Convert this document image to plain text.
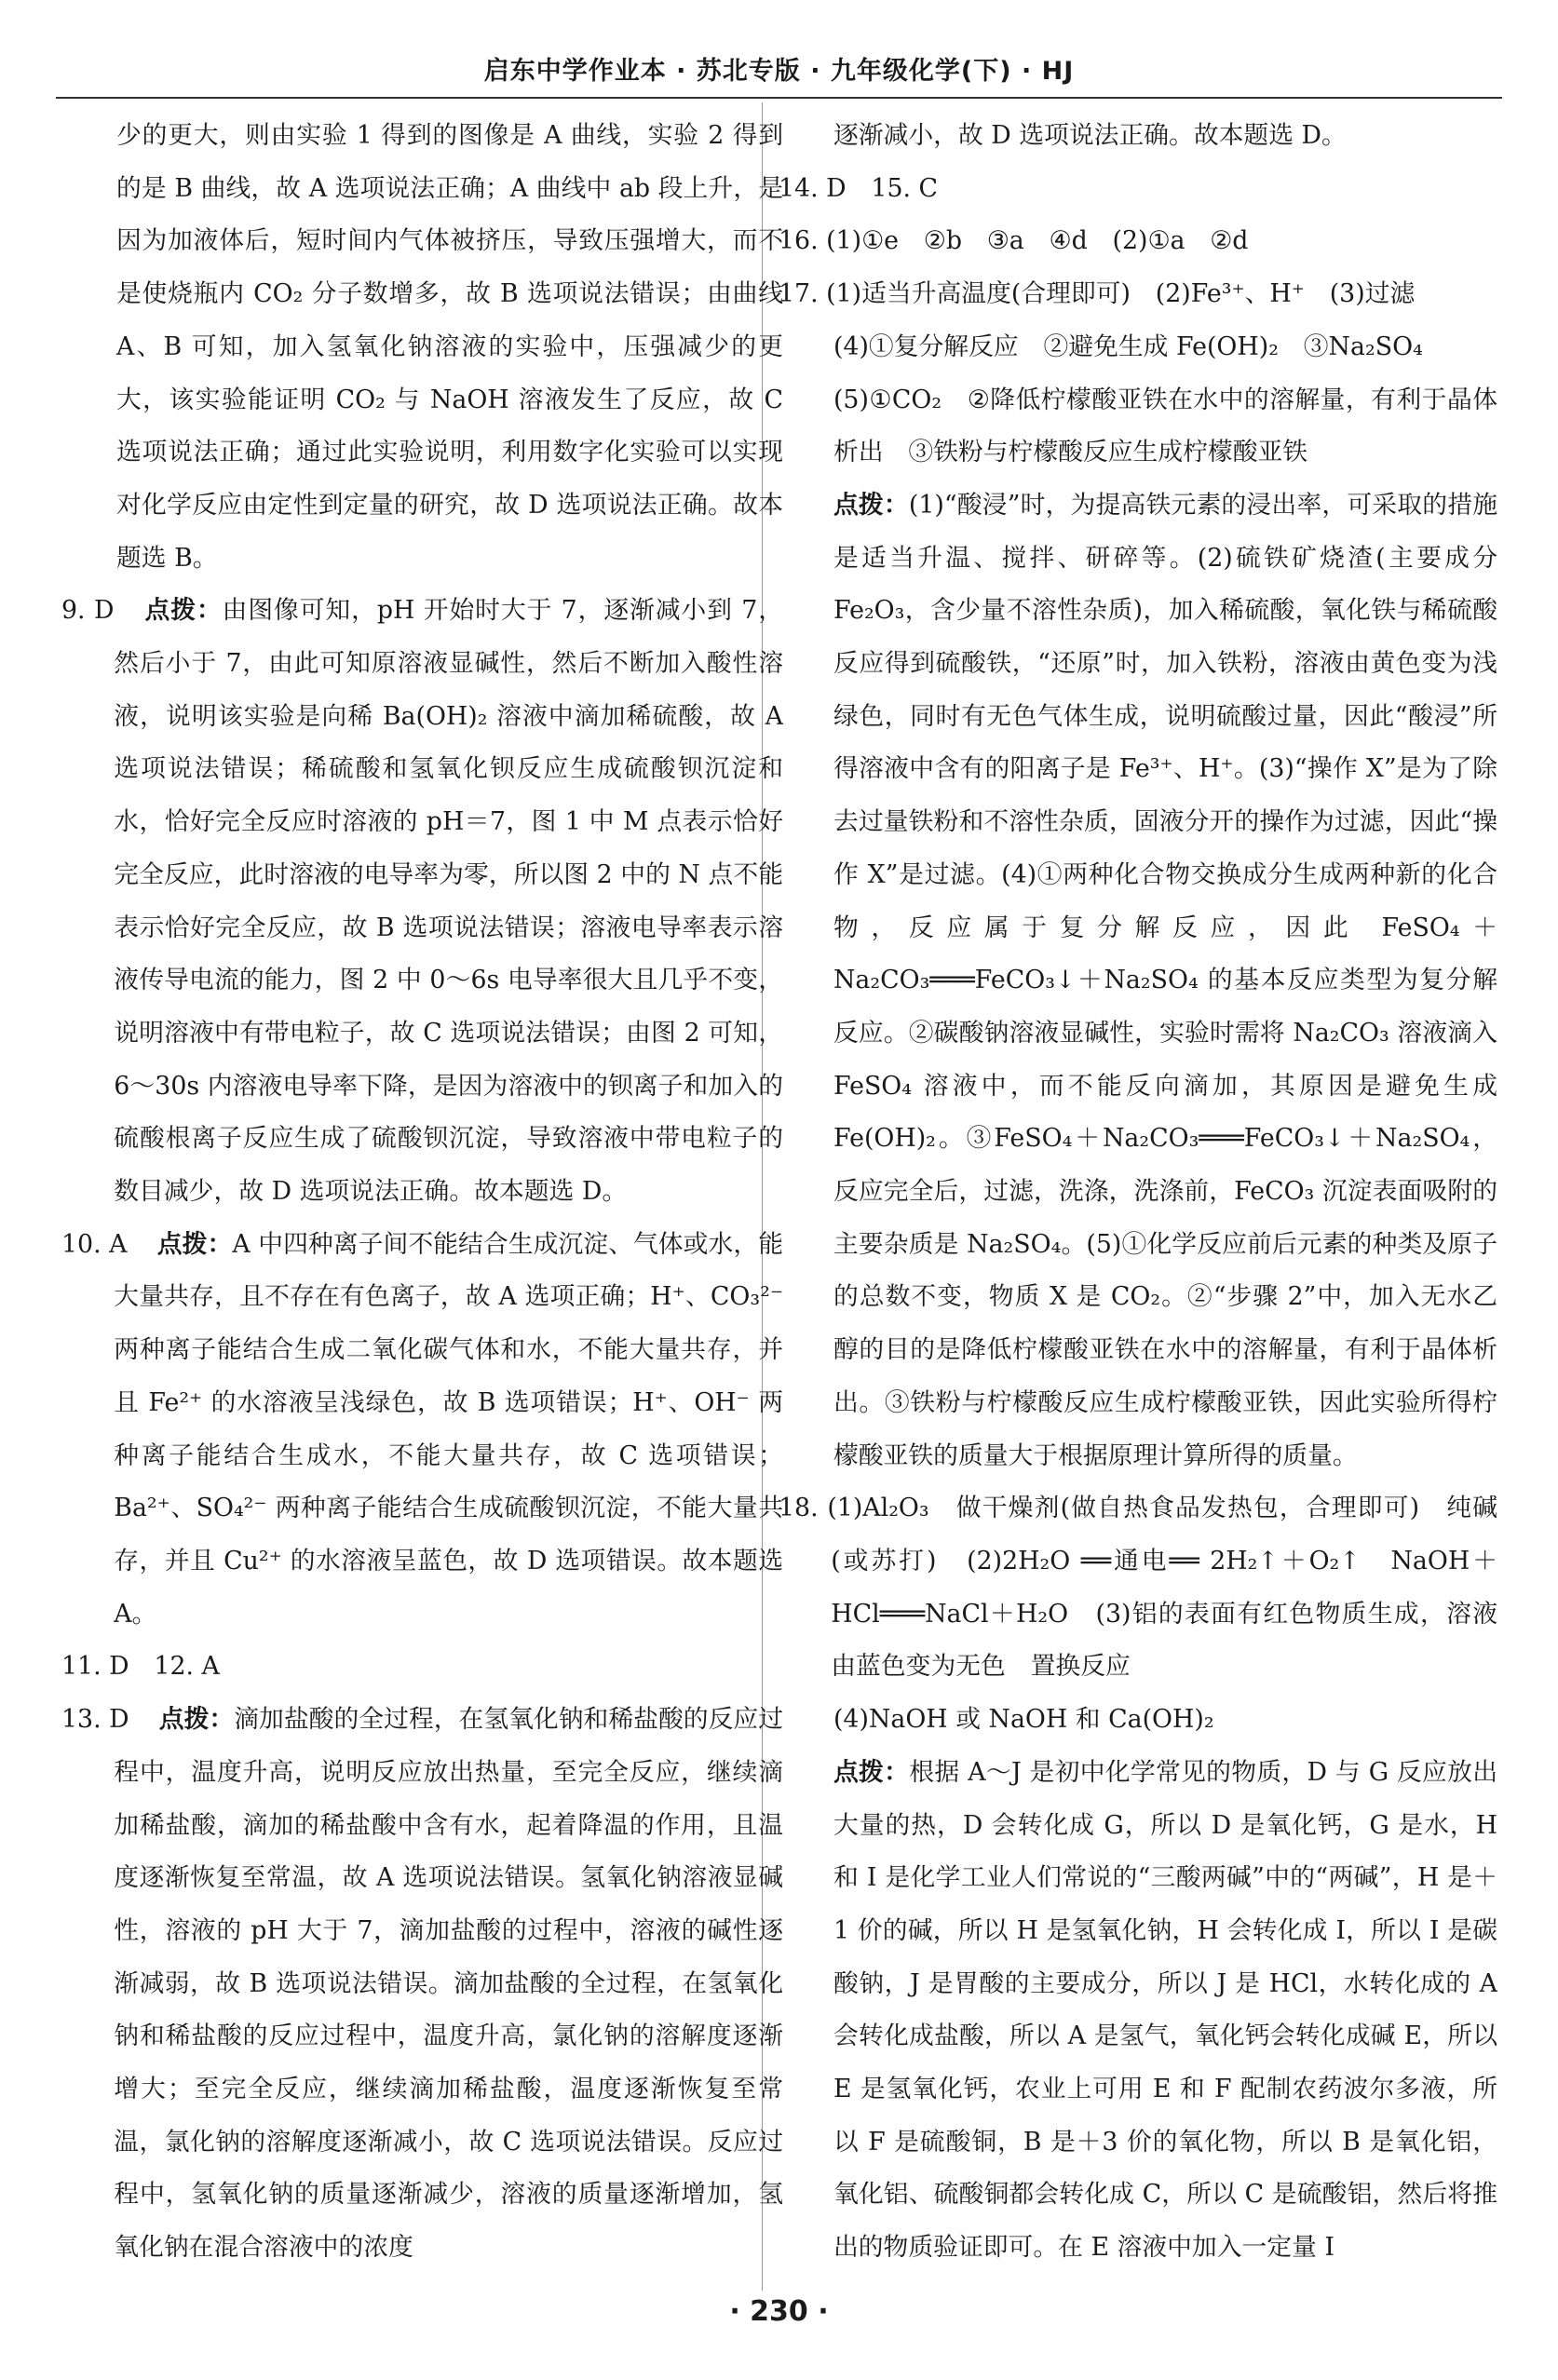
启东中学作业本 · 苏北专版 · 九年级化学(下) · HJ
少的更大，则由实验 1 得到的图像是 A 曲线，实验 2 得到的是 B 曲线，故 A 选项说法正确；A 曲线中 ab 段上升，是因为加液体后，短时间内气体被挤压，导致压强增大，而不是使烧瓶内 CO₂ 分子数增多，故 B 选项说法错误；由曲线 A、B 可知，加入氢氧化钠溶液的实验中，压强减少的更大，该实验能证明 CO₂ 与 NaOH 溶液发生了反应，故 C 选项说法正确；通过此实验说明，利用数字化实验可以实现对化学反应由定性到定量的研究，故 D 选项说法正确。故本题选 B。
9. D 点拨：由图像可知，pH 开始时大于 7，逐渐减小到 7，然后小于 7，由此可知原溶液显碱性，然后不断加入酸性溶液，说明该实验是向稀 Ba(OH)₂ 溶液中滴加稀硫酸，故 A 选项说法错误；稀硫酸和氢氧化钡反应生成硫酸钡沉淀和水，恰好完全反应时溶液的 pH＝7，图 1 中 M 点表示恰好完全反应，此时溶液的电导率为零，所以图 2 中的 N 点不能表示恰好完全反应，故 B 选项说法错误；溶液电导率表示溶液传导电流的能力，图 2 中 0～6s 电导率很大且几乎不变，说明溶液中有带电粒子，故 C 选项说法错误；由图 2 可知，6～30s 内溶液电导率下降，是因为溶液中的钡离子和加入的硫酸根离子反应生成了硫酸钡沉淀，导致溶液中带电粒子的数目减少，故 D 选项说法正确。故本题选 D。
10. A 点拨：A 中四种离子间不能结合生成沉淀、气体或水，能大量共存，且不存在有色离子，故 A 选项正确；H⁺、CO₃²⁻ 两种离子能结合生成二氧化碳气体和水，不能大量共存，并且 Fe²⁺ 的水溶液呈浅绿色，故 B 选项错误；H⁺、OH⁻ 两种离子能结合生成水，不能大量共存，故 C 选项错误；Ba²⁺、SO₄²⁻ 两种离子能结合生成硫酸钡沉淀，不能大量共存，并且 Cu²⁺ 的水溶液呈蓝色，故 D 选项错误。故本题选 A。
11. D　12. A
13. D 点拨：滴加盐酸的全过程，在氢氧化钠和稀盐酸的反应过程中，温度升高，说明反应放出热量，至完全反应，继续滴加稀盐酸，滴加的稀盐酸中含有水，起着降温的作用，且温度逐渐恢复至常温，故 A 选项说法错误。氢氧化钠溶液显碱性，溶液的 pH 大于 7，滴加盐酸的过程中，溶液的碱性逐渐减弱，故 B 选项说法错误。滴加盐酸的全过程，在氢氧化钠和稀盐酸的反应过程中，温度升高，氯化钠的溶解度逐渐增大；至完全反应，继续滴加稀盐酸，温度逐渐恢复至常温，氯化钠的溶解度逐渐减小，故 C 选项说法错误。反应过程中，氢氧化钠的质量逐渐减少，溶液的质量逐渐增加，氢氧化钠在混合溶液中的浓度
逐渐减小，故 D 选项说法正确。故本题选 D。
14. D　15. C
16. (1)①e　②b　③a　④d　(2)①a　②d
17. (1)适当升高温度(合理即可)　(2)Fe³⁺、H⁺　(3)过滤
(4)①复分解反应　②避免生成 Fe(OH)₂　③Na₂SO₄
(5)①CO₂　②降低柠檬酸亚铁在水中的溶解量，有利于晶体析出　③铁粉与柠檬酸反应生成柠檬酸亚铁
点拨：(1)“酸浸”时，为提高铁元素的浸出率，可采取的措施是适当升温、搅拌、研碎等。(2)硫铁矿烧渣(主要成分 Fe₂O₃，含少量不溶性杂质)，加入稀硫酸，氧化铁与稀硫酸反应得到硫酸铁，“还原”时，加入铁粉，溶液由黄色变为浅绿色，同时有无色气体生成，说明硫酸过量，因此“酸浸”所得溶液中含有的阳离子是 Fe³⁺、H⁺。(3)“操作 X”是为了除去过量铁粉和不溶性杂质，固液分开的操作为过滤，因此“操作 X”是过滤。(4)①两种化合物交换成分生成两种新的化合物，反应属于复分解反应，因此 FeSO₄＋Na₂CO₃═══FeCO₃↓＋Na₂SO₄ 的基本反应类型为复分解反应。②碳酸钠溶液显碱性，实验时需将 Na₂CO₃ 溶液滴入 FeSO₄ 溶液中，而不能反向滴加，其原因是避免生成 Fe(OH)₂。③FeSO₄＋Na₂CO₃═══FeCO₃↓＋Na₂SO₄，反应完全后，过滤，洗涤，洗涤前，FeCO₃ 沉淀表面吸附的主要杂质是 Na₂SO₄。(5)①化学反应前后元素的种类及原子的总数不变，物质 X 是 CO₂。②“步骤 2”中，加入无水乙醇的目的是降低柠檬酸亚铁在水中的溶解量，有利于晶体析出。③铁粉与柠檬酸反应生成柠檬酸亚铁，因此实验所得柠檬酸亚铁的质量大于根据原理计算所得的质量。
18. (1)Al₂O₃　做干燥剂(做自热食品发热包，合理即可)　纯碱(或苏打)　(2)2H₂O ══通电══ 2H₂↑＋O₂↑　NaOH＋HCl═══NaCl＋H₂O　(3)铝的表面有红色物质生成，溶液由蓝色变为无色　置换反应
(4)NaOH 或 NaOH 和 Ca(OH)₂
点拨：根据 A～J 是初中化学常见的物质，D 与 G 反应放出大量的热，D 会转化成 G，所以 D 是氧化钙，G 是水，H 和 I 是化学工业人们常说的“三酸两碱”中的“两碱”，H 是＋1 价的碱，所以 H 是氢氧化钠，H 会转化成 I，所以 I 是碳酸钠，J 是胃酸的主要成分，所以 J 是 HCl，水转化成的 A 会转化成盐酸，所以 A 是氢气，氧化钙会转化成碱 E，所以 E 是氢氧化钙，农业上可用 E 和 F 配制农药波尔多液，所以 F 是硫酸铜，B 是＋3 价的氧化物，所以 B 是氧化铝，氧化铝、硫酸铜都会转化成 C，所以 C 是硫酸铝，然后将推出的物质验证即可。在 E 溶液中加入一定量 I
· 230 ·
